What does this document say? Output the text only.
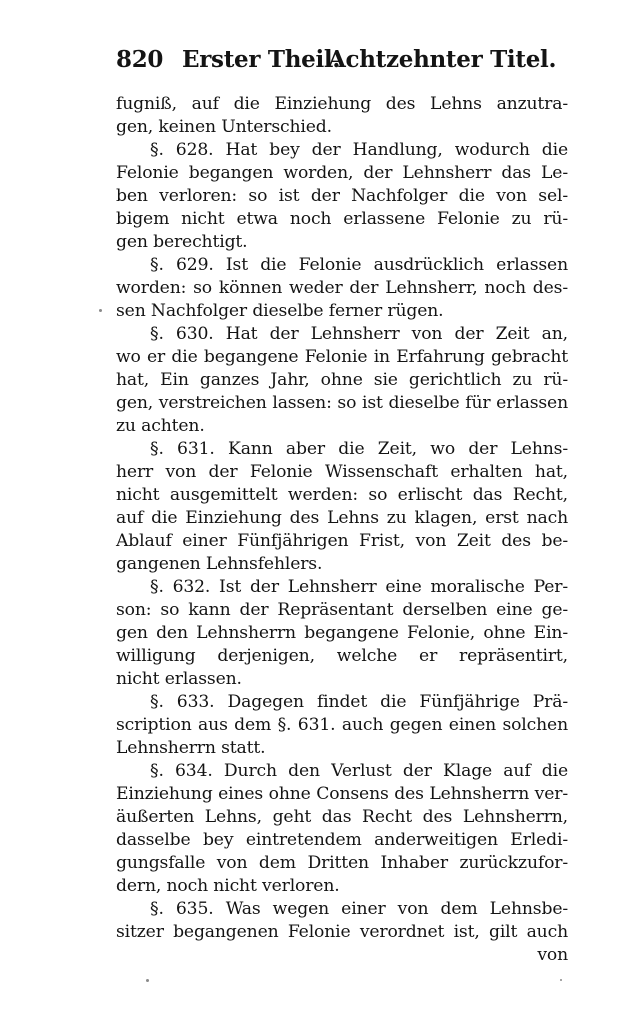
820 Erster Theil.
Achtzehnter Titel.
fugniß, auf die Einziehung des Lehns anzutra-
gen, keinen Unterschied.
§. 628. Hat bey der Handlung, wodurch die
Felonie begangen worden, der Lehnsherr das Le-
ben verloren: so ist der Nachfolger die von sel-
bigem nicht etwa noch erlassene Felonie zu rü-
gen berechtigt.
§. 629. Ist die Felonie ausdrücklich erlassen
worden: so können weder der Lehnsherr, noch des-
sen Nachfolger dieselbe ferner rügen.
§. 630. Hat der Lehnsherr von der Zeit an,
wo er die begangene Felonie in Erfahrung gebracht
hat, Ein ganzes Jahr, ohne sie gerichtlich zu rü-
gen, verstreichen lassen: so ist dieselbe für erlassen
zu achten.
§. 631. Kann aber die Zeit, wo der Lehns-
herr von der Felonie Wissenschaft erhalten hat,
nicht ausgemittelt werden: so erlischt das Recht,
auf die Einziehung des Lehns zu klagen, erst nach
Ablauf einer Fünfjährigen Frist, von Zeit des be-
gangenen Lehnsfehlers.
§. 632. Ist der Lehnsherr eine moralische Per-
son: so kann der Repräsentant derselben eine ge-
gen den Lehnsherrn begangene Felonie, ohne Ein-
willigung derjenigen, welche er repräsentirt,
nicht erlassen.
§. 633. Dagegen findet die Fünfjährige Prä-
scription aus dem §. 631. auch gegen einen solchen
Lehnsherrn statt.
§. 634. Durch den Verlust der Klage auf die
Einziehung eines ohne Consens des Lehnsherrn ver-
äußerten Lehns, geht das Recht des Lehnsherrn,
dasselbe bey eintretendem anderweitigen Erledi-
gungsfalle von dem Dritten Inhaber zurückzufor-
dern, noch nicht verloren.
§. 635. Was wegen einer von dem Lehnsbe-
sitzer begangenen Felonie verordnet ist, gilt auch
von
